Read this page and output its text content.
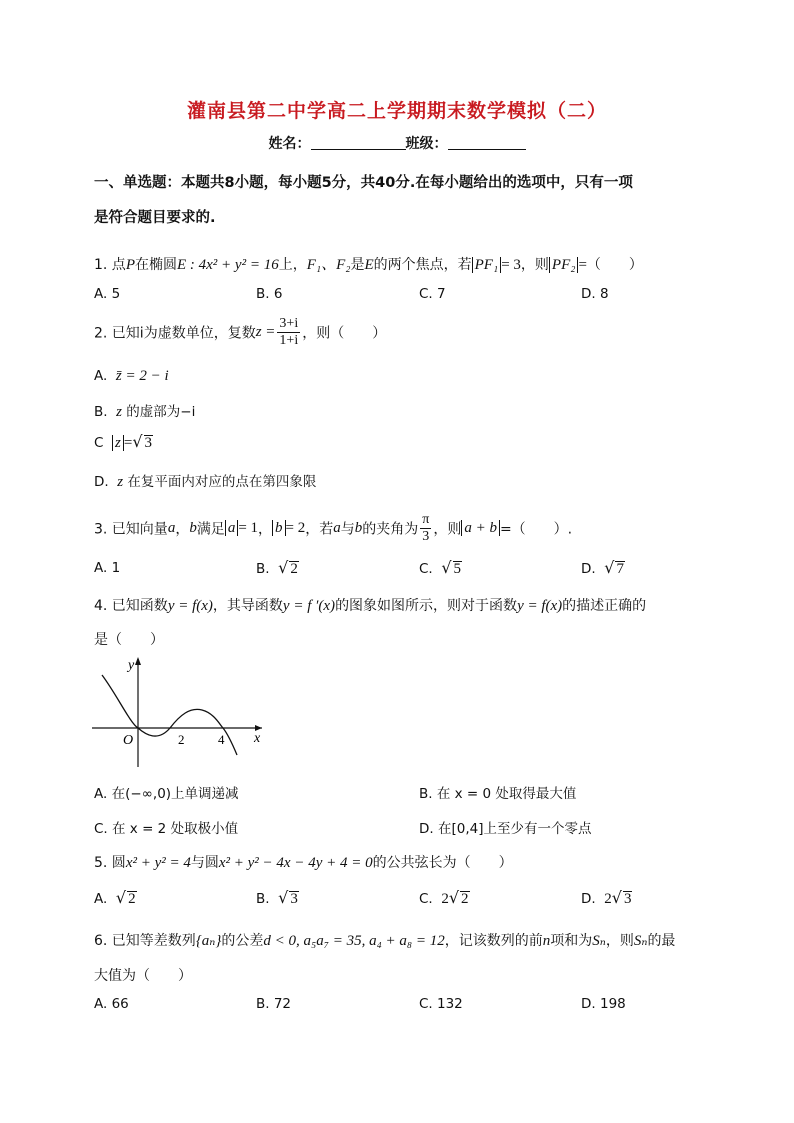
灌南县第二中学高二上学期期末数学模拟（二）
姓名：	班级：
一、单选题：本题共8小题，每小题5分，共40分.在每小题给出的选项中，只有一项
是符合题目要求的.
1. 点P在椭圆E : 4x² + y² = 16上，F₁、F₂是E的两个焦点，若 PF₁ = 3，则 PF₂ =（　　）
A. 5	B. 6	C. 7	D. 8
2. 已知i为虚数单位，复数$z = \frac{3+i}{1+i}$ ，则（　　）
A. z̄ = 2 − i
B. z 的虚部为−i
C z =√ 3
D. z 在复平面内对应的点在第四象限
3. 已知向量a，b满足 a = 1， b = 2，若a与b的夹角为 $\frac{\pi}{3}$ ，则 a + b =（　　）.
A. 1	B. √ 2	C. √ 5	D. √ 7
4. 已知函数y = f(x)，其导函数y = f ′(x)的图象如图所示，则对于函数y = f(x)的描述正确的
是（　　）
y
x
O	2	4
A. 在(−∞,0)上单调递减	B. 在 x = 0 处取得最大值
C. 在 x = 2 处取极小值	D. 在[0,4]上至少有一个零点
5. 圆x² + y² = 4与圆x² + y² − 4x − 4y + 4 = 0的公共弦长为（　　）
A. √ 2	B. √ 3	C. 2√ 2	D. 2√ 3
6. 已知等差数列{aₙ}的公差d < 0, a₅a₇ = 35, a₄ + a₈ = 12，记该数列的前n项和为Sₙ，则Sₙ的最
大值为（　　）
A. 66	B. 72	C. 132	D. 198
